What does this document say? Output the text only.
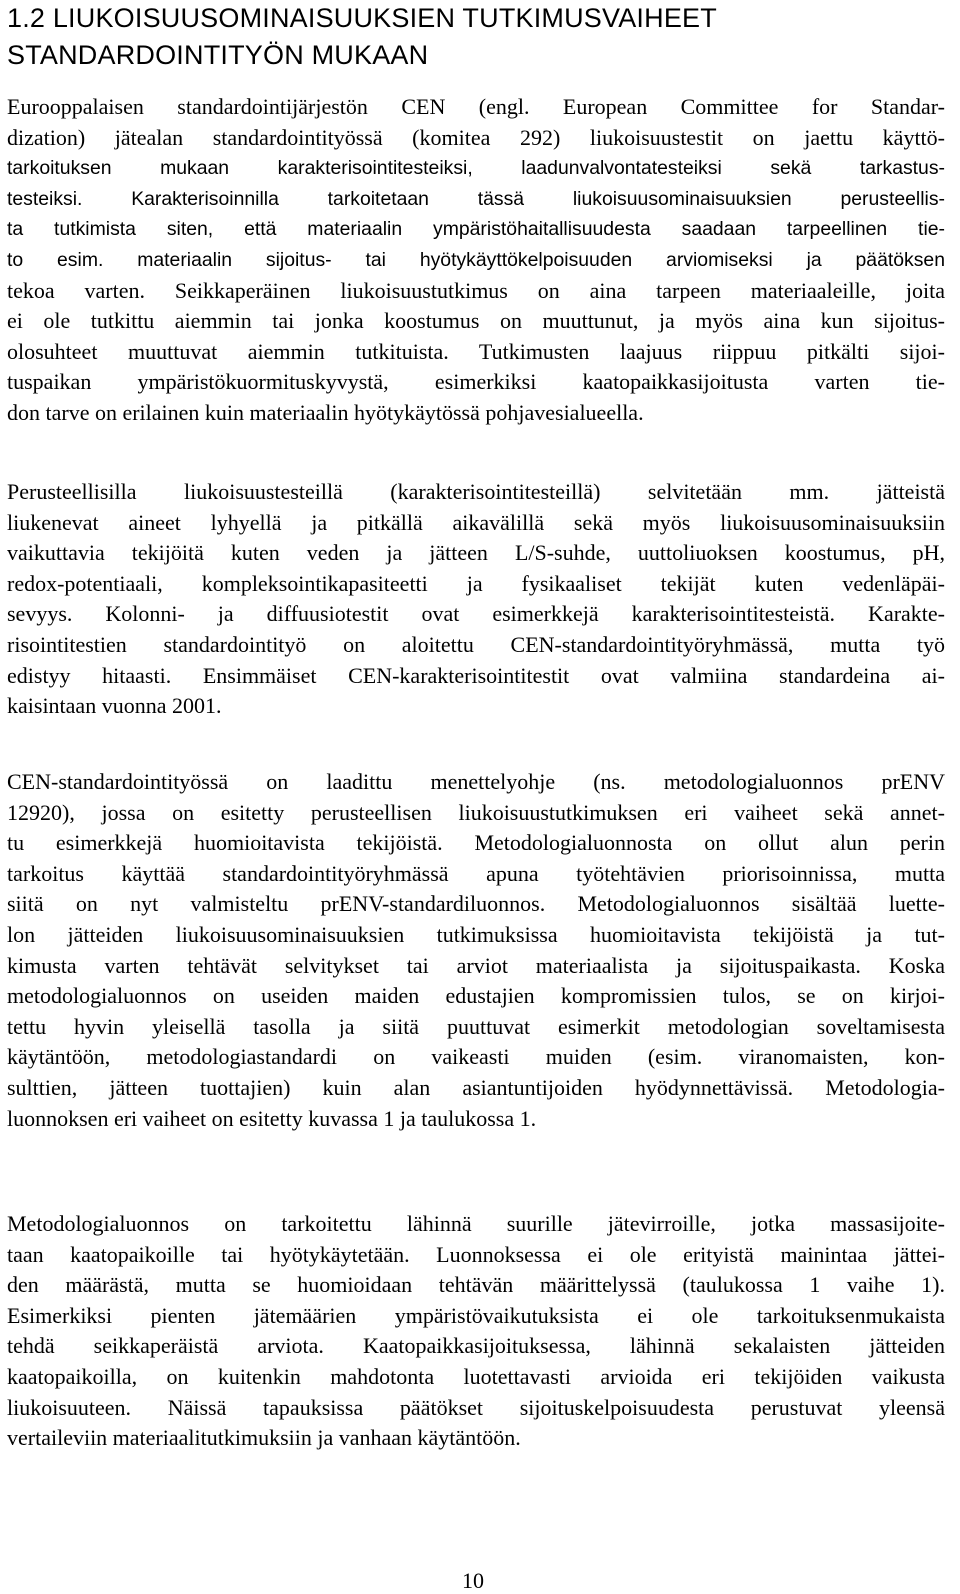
1.2 LIUKOISUUSOMINAISUUKSIEN TUTKIMUSVAIHEET
STANDARDOINTITYÖN MUKAAN

Eurooppalaisen standardointijärjestön CEN (engl. European Committee for Standar-
dization) jätealan standardointityössä (komitea 292) liukoisuustestit on jaettu käyttö-
tarkoituksen mukaan karakterisointitesteiksi, laadunvalvontatesteiksi sekä tarkastus-
testeiksi. Karakterisoinnilla tarkoitetaan tässä liukoisuusominaisuuksien perusteellis-
ta tutkimista siten, että materiaalin ympäristöhaitallisuudesta saadaan tarpeellinen tie-
to esim. materiaalin sijoitus- tai hyötykäyttökelpoisuuden arviomiseksi ja päätöksen
tekoa varten. Seikkaperäinen liukoisuustutkimus on aina tarpeen materiaaleille, joita
ei ole tutkittu aiemmin tai jonka koostumus on muuttunut, ja myös aina kun sijoitus-
olosuhteet muuttuvat aiemmin tutkituista. Tutkimusten laajuus riippuu pitkälti sijoi-
tuspaikan ympäristökuormituskyvystä, esimerkiksi kaatopaikkasijoitusta varten tie-
don tarve on erilainen kuin materiaalin hyötykäytössä pohjavesialueella.

Perusteellisilla liukoisuustesteillä (karakterisointitesteillä) selvitetään mm. jätteistä
liukenevat aineet lyhyellä ja pitkällä aikavälillä sekä myös liukoisuusominaisuuksiin
vaikuttavia tekijöitä kuten veden ja jätteen L/S-suhde, uuttoliuoksen koostumus, pH,
redox-potentiaali, kompleksointikapasiteetti ja fysikaaliset tekijät kuten vedenläpäi-
sevyys. Kolonni- ja diffuusiotestit ovat esimerkkejä karakterisointitesteistä. Karakte-
risointitestien standardointityö on aloitettu CEN-standardointityöryhmässä, mutta työ
edistyy hitaasti. Ensimmäiset CEN-karakterisointitestit ovat valmiina standardeina ai-
kaisintaan vuonna 2001.

CEN-standardointityössä on laadittu menettelyohje (ns. metodologialuonnos prENV
12920), jossa on esitetty perusteellisen liukoisuustutkimuksen eri vaiheet sekä annet-
tu esimerkkejä huomioitavista tekijöistä. Metodologialuonnosta on ollut alun perin
tarkoitus käyttää standardointityöryhmässä apuna työtehtävien priorisoinnissa, mutta
siitä on nyt valmisteltu prENV-standardiluonnos. Metodologialuonnos sisältää luette-
lon jätteiden liukoisuusominaisuuksien tutkimuksissa huomioitavista tekijöistä ja tut-
kimusta varten tehtävät selvitykset tai arviot materiaalista ja sijoituspaikasta. Koska
metodologialuonnos on useiden maiden edustajien kompromissien tulos, se on kirjoi-
tettu hyvin yleisellä tasolla ja siitä puuttuvat esimerkit metodologian soveltamisesta
käytäntöön, metodologiastandardi on vaikeasti muiden (esim. viranomaisten, kon-
sulttien, jätteen tuottajien) kuin alan asiantuntijoiden hyödynnettävissä. Metodologia-
luonnoksen eri vaiheet on esitetty kuvassa 1 ja taulukossa 1.

Metodologialuonnos on tarkoitettu lähinnä suurille jätevirroille, jotka massasijoite-
taan kaatopaikoille tai hyötykäytetään. Luonnoksessa ei ole erityistä mainintaa jättei-
den määrästä, mutta se huomioidaan tehtävän määrittelyssä (taulukossa 1 vaihe 1).
Esimerkiksi pienten jätemäärien ympäristövaikutuksista ei ole tarkoituksenmukaista
tehdä seikkaperäistä arviota. Kaatopaikkasijoituksessa, lähinnä sekalaisten jätteiden
kaatopaikoilla, on kuitenkin mahdotonta luotettavasti arvioida eri tekijöiden vaikusta
liukoisuuteen. Näissä tapauksissa päätökset sijoituskelpoisuudesta perustuvat yleensä
vertaileviin materiaalitutkimuksiin ja vanhaan käytäntöön.

10
